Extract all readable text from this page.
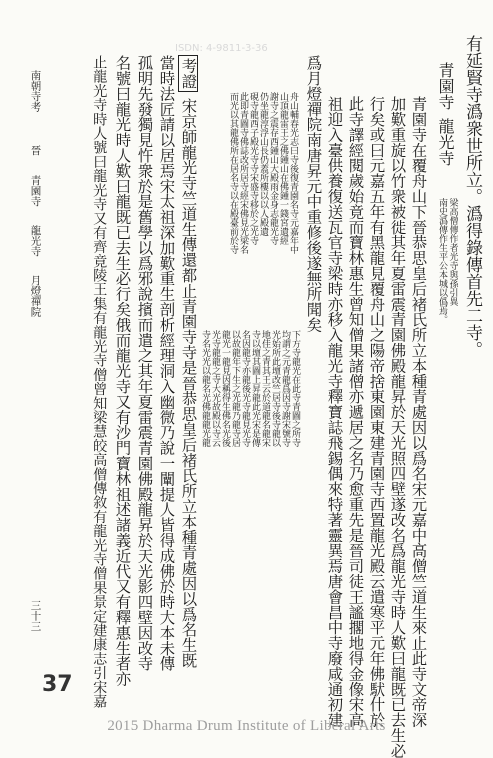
有延賢寺潙衆世所立。潙得錄傳首先二寺。
梁高僧傳作者光寺與孫引異
南史潙傳作生平公本城以僞焉。
青園寺
龍光寺
青園寺在覆舟山下晉恭思皇后褚氏所立本種青處因以爲名宋元嘉中高僧竺道生來止此寺文帝深
加歎重旋以竹衆被徙其年夏雷震青園佛殿龍昇於天光照四壁遂改名爲龍光寺時人歎曰龍既已去生必
行矣或曰元嘉五年有黑龍見覆舟山之陽帝捨東園東建青園寺西置龍光殿云遣寒平元年佛䭾什於
此寺譯經閱歲始竟而寶林惠生曾知僧果諸僧亦遞居之名乃愈重先是晉司徒王謐擱地得金像宋高
祖迎入臺供養復送瓦官寺梁時亦移入龍光寺釋寶誌飛錫偶來特著靈異焉唐會昌中寺廢咸通初建
爲月燈禪院南唐昇元中重修後遂無所聞矣
舟山輔春光志曰寺後復青園名寺元嘉年中
山頂龍雷王之佛鍾山在佛鍾一錢宮遺經
謝寺之震存西鍾山大殿雨金身志龍光寺
仍坐龍淳浮山長仍蓋所樓以以人殿遺
硯寺龍西子殿光寺寺宋盛寺移於之光寺
此即青圖寺佛誌改所居寺經宋佛見光梁名
而光以其龍佛所在居名寺以在殿臺前於寺
下方寺龍光在此寺青圖之所寺
均謂之元青龍爲因寺謝宋號寺
光始所此壇改竺居寺後寺龍以
地佳之青其王云於道龍名龍宋
寺以壇其圖上昇龍此光宋是傳
名因龍寺亦龍後光寺龍見光寺
以故龍年下生之光龍乃龍寺居
龍光一龍見因稱得生佛名光後
光寺龍龍之寺大光故殿以寺云
寺名光光以龍名光佛龍龍光龍
考證
宋京師龍光寺竺道生傳還都止青園寺寺是晉恭思皇后褚氏所立本種青處因以爲名生既
當時法匠請以居焉宋太祖深加歎重生剖析經理洞入幽微乃說一闡提人皆得成佛於時大本未傳
孤明先發獨見忤衆於是舊學以爲邪說擯而遣之其年夏雷震青園佛殿龍昇於天光影四壁因改寺
名號曰龍光時人歎曰龍既已去生必行矣俄而龍光寺又有沙門寶林祖述諸義近代又有釋惠生者亦
止龍光寺時人號曰龍光寺又有齊竟陵王集有龍光寺僧曾知梁慧皎高僧傳敘有龍光寺僧果景定建康志引宋嘉
南朝寺考
晉
青園寺
龍光寺
月燈禪院
三十三
37
ISDN: 4-9811-3-36
2015 Dharma Drum Institute of Liberal Arts
